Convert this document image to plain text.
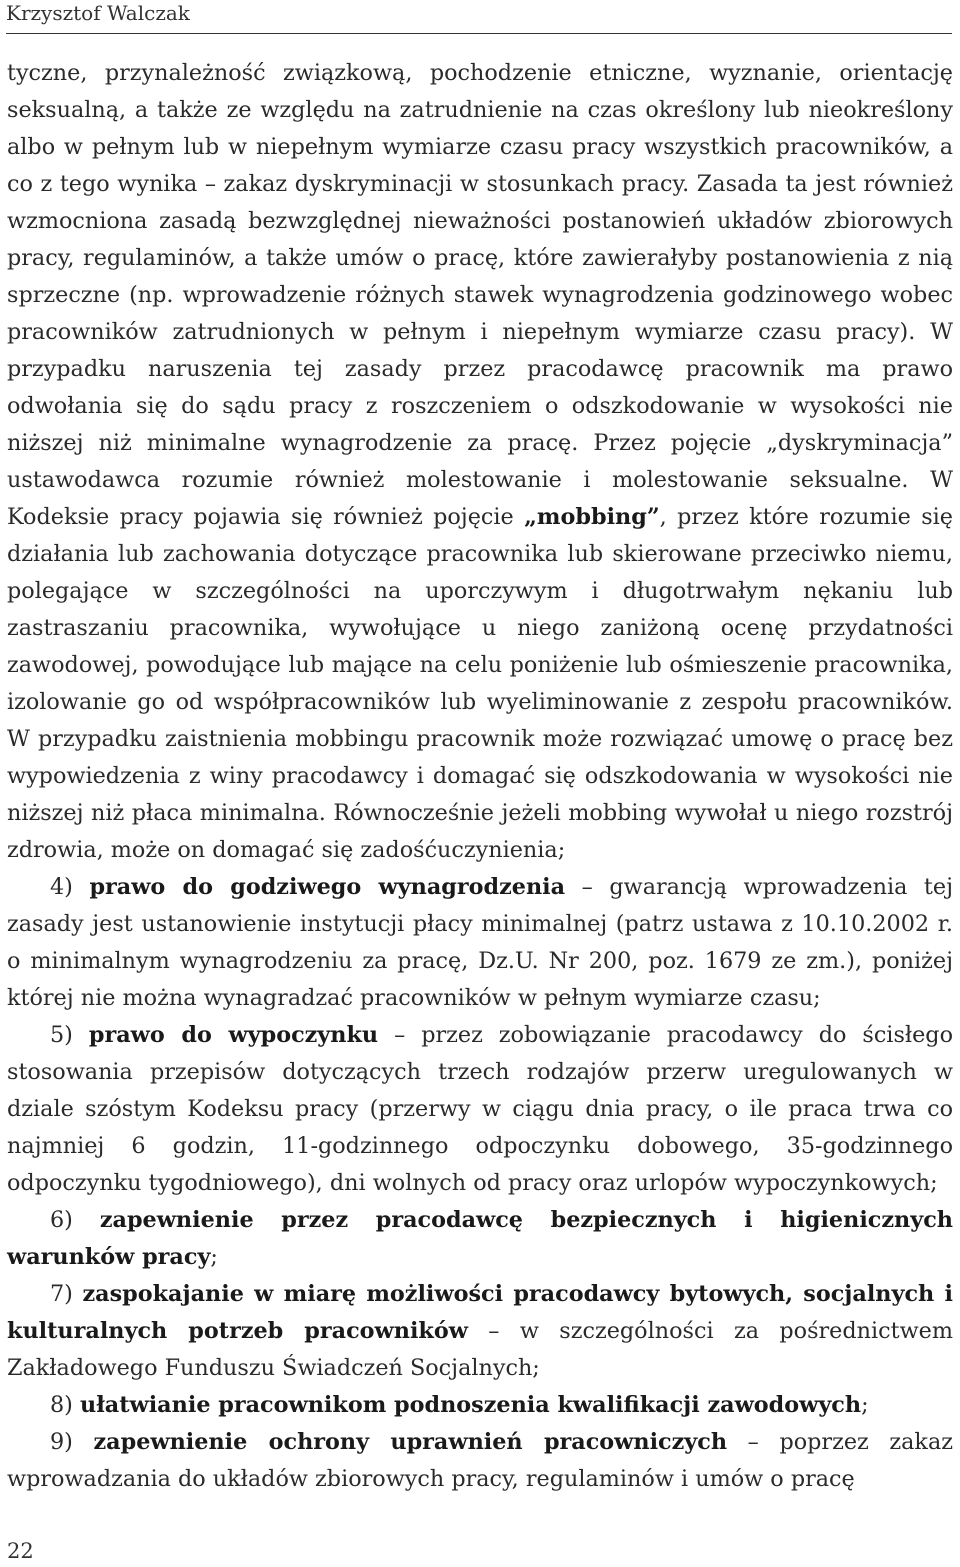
Krzysztof Walczak

tyczne, przynależność związkową, pochodzenie etniczne, wyznanie, orientację seksualną, a także ze względu na zatrudnienie na czas określony lub nieokreślony albo w pełnym lub w niepełnym wymiarze czasu pracy wszystkich pracowników, a co z tego wynika – zakaz dyskryminacji w stosunkach pracy. Zasada ta jest również wzmocniona zasadą bezwzględnej nieważności postanowień układów zbiorowych pracy, regulaminów, a także umów o pracę, które zawierałyby postanowienia z nią sprzeczne (np. wprowadzenie różnych stawek wynagrodzenia godzinowego wobec pracowników zatrudnionych w pełnym i niepełnym wymiarze czasu pracy). W przypadku naruszenia tej zasady przez pracodawcę pracownik ma prawo odwołania się do sądu pracy z roszczeniem o odszkodowanie w wysokości nie niższej niż minimalne wynagrodzenie za pracę. Przez pojęcie „dyskryminacja” ustawodawca rozumie również molestowanie i molestowanie seksualne. W Kodeksie pracy pojawia się również pojęcie „mobbing”, przez które rozumie się działania lub zachowania dotyczące pracownika lub skierowane przeciwko niemu, polegające w szczególności na uporczywym i długotrwałym nękaniu lub zastraszaniu pracownika, wywołujące u niego zaniżoną ocenę przydatności zawodowej, powodujące lub mające na celu poniżenie lub ośmieszenie pracownika, izolowanie go od współpracowników lub wyeliminowanie z zespołu pracowników. W przypadku zaistnienia mobbingu pracownik może rozwiązać umowę o pracę bez wypowiedzenia z winy pracodawcy i domagać się odszkodowania w wysokości nie niższej niż płaca minimalna. Równocześnie jeżeli mobbing wywołał u niego rozstrój zdrowia, może on domagać się zadośćuczynienia;

4) prawo do godziwego wynagrodzenia – gwarancją wprowadzenia tej zasady jest ustanowienie instytucji płacy minimalnej (patrz ustawa z 10.10.2002 r. o minimalnym wynagrodzeniu za pracę, Dz.U. Nr 200, poz. 1679 ze zm.), poniżej której nie można wynagradzać pracowników w pełnym wymiarze czasu;

5) prawo do wypoczynku – przez zobowiązanie pracodawcy do ścisłego stosowania przepisów dotyczących trzech rodzajów przerw uregulowanych w dziale szóstym Kodeksu pracy (przerwy w ciągu dnia pracy, o ile praca trwa co najmniej 6 godzin, 11-godzinnego odpoczynku dobowego, 35-godzinnego odpoczynku tygodniowego), dni wolnych od pracy oraz urlopów wypoczynkowych;

6) zapewnienie przez pracodawcę bezpiecznych i higienicznych warunków pracy;

7) zaspokajanie w miarę możliwości pracodawcy bytowych, socjalnych i kulturalnych potrzeb pracowników – w szczególności za pośrednictwem Zakładowego Funduszu Świadczeń Socjalnych;

8) ułatwianie pracownikom podnoszenia kwalifikacji zawodowych;

9) zapewnienie ochrony uprawnień pracowniczych – poprzez zakaz wprowadzania do układów zbiorowych pracy, regulaminów i umów o pracę

22
